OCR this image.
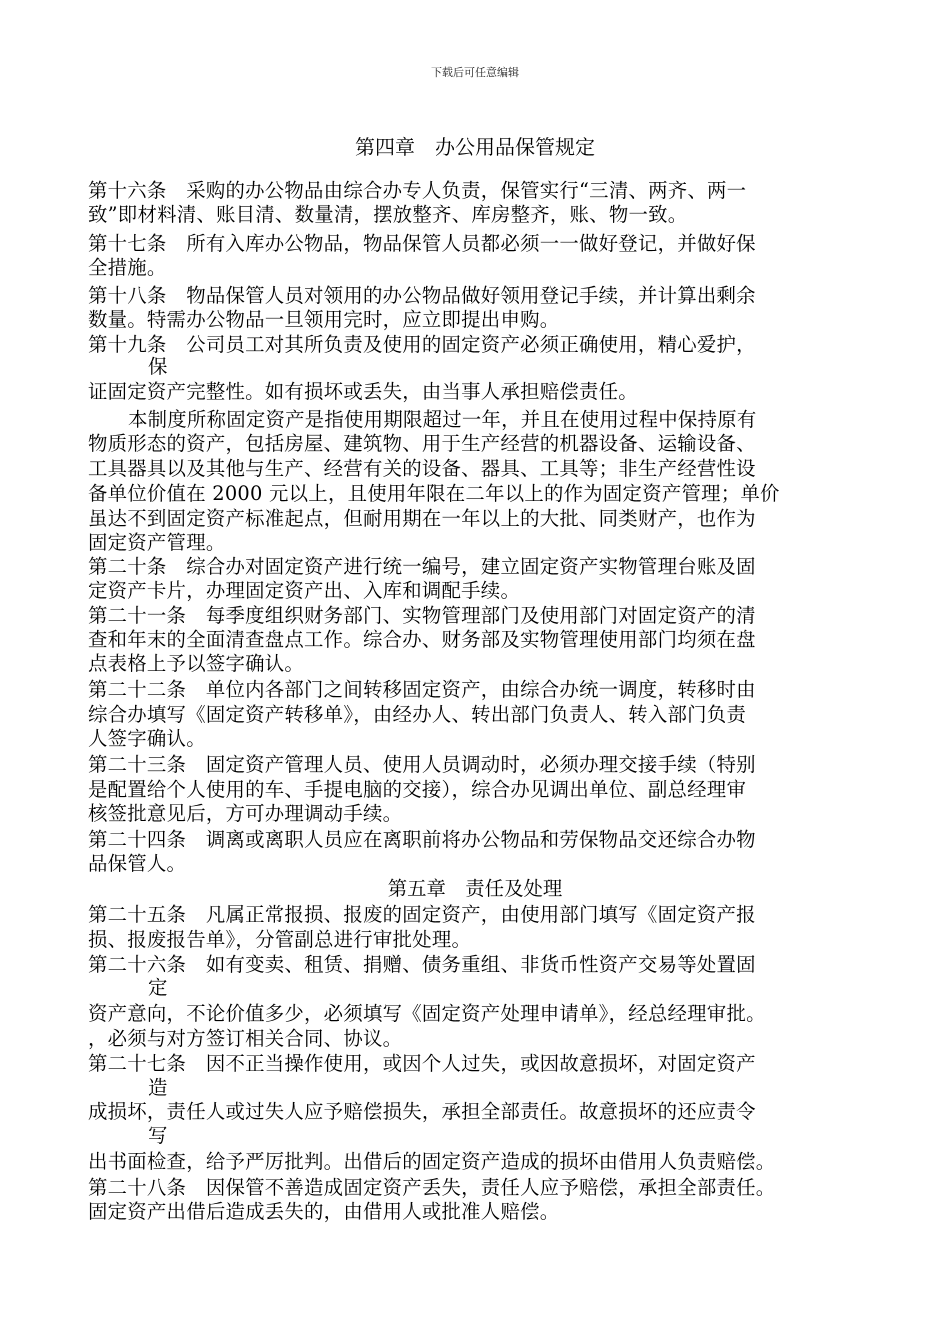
下载后可任意编辑
第四章　办公用品保管规定
第十六条　采购的办公物品由综合办专人负责，保管实行“三清、两齐、两一
致”即材料清、账目清、数量清，摆放整齐、库房整齐，账、物一致。
第十七条　所有入库办公物品，物品保管人员都必须一一做好登记，并做好保
全措施。
第十八条　物品保管人员对领用的办公物品做好领用登记手续，并计算出剩余
数量。特需办公物品一旦领用完时，应立即提出申购。
第十九条　公司员工对其所负责及使用的固定资产必须正确使用，精心爱护，
保
证固定资产完整性。如有损坏或丢失，由当事人承担赔偿责任。
本制度所称固定资产是指使用期限超过一年，并且在使用过程中保持原有
物质形态的资产，包括房屋、建筑物、用于生产经营的机器设备、运输设备、
工具器具以及其他与生产、经营有关的设备、器具、工具等；非生产经营性设
备单位价值在 2000 元以上，且使用年限在二年以上的作为固定资产管理；单价
虽达不到固定资产标准起点，但耐用期在一年以上的大批、同类财产，也作为
固定资产管理。
第二十条　综合办对固定资产进行统一编号，建立固定资产实物管理台账及固
定资产卡片，办理固定资产出、入库和调配手续。
第二十一条　每季度组织财务部门、实物管理部门及使用部门对固定资产的清
查和年末的全面清查盘点工作。综合办、财务部及实物管理使用部门均须在盘
点表格上予以签字确认。
第二十二条　单位内各部门之间转移固定资产，由综合办统一调度，转移时由
综合办填写《固定资产转移单》，由经办人、转出部门负责人、转入部门负责
人签字确认。
第二十三条　固定资产管理人员、使用人员调动时，必须办理交接手续（特别
是配置给个人使用的车、手提电脑的交接），综合办见调出单位、副总经理审
核签批意见后，方可办理调动手续。
第二十四条　调离或离职人员应在离职前将办公物品和劳保物品交还综合办物
品保管人。
第五章　责任及处理
第二十五条　凡属正常报损、报废的固定资产，由使用部门填写《固定资产报
损、报废报告单》，分管副总进行审批处理。
第二十六条　如有变卖、租赁、捐赠、债务重组、非货币性资产交易等处置固
定
资产意向，不论价值多少，必须填写《固定资产处理申请单》，经总经理审批。
，必须与对方签订相关合同、协议。
第二十七条　因不正当操作使用，或因个人过失，或因故意损坏，对固定资产
造
成损坏，责任人或过失人应予赔偿损失，承担全部责任。故意损坏的还应责令
写
出书面检查，给予严厉批判。出借后的固定资产造成的损坏由借用人负责赔偿。
第二十八条　因保管不善造成固定资产丢失，责任人应予赔偿，承担全部责任。
固定资产出借后造成丢失的，由借用人或批准人赔偿。
